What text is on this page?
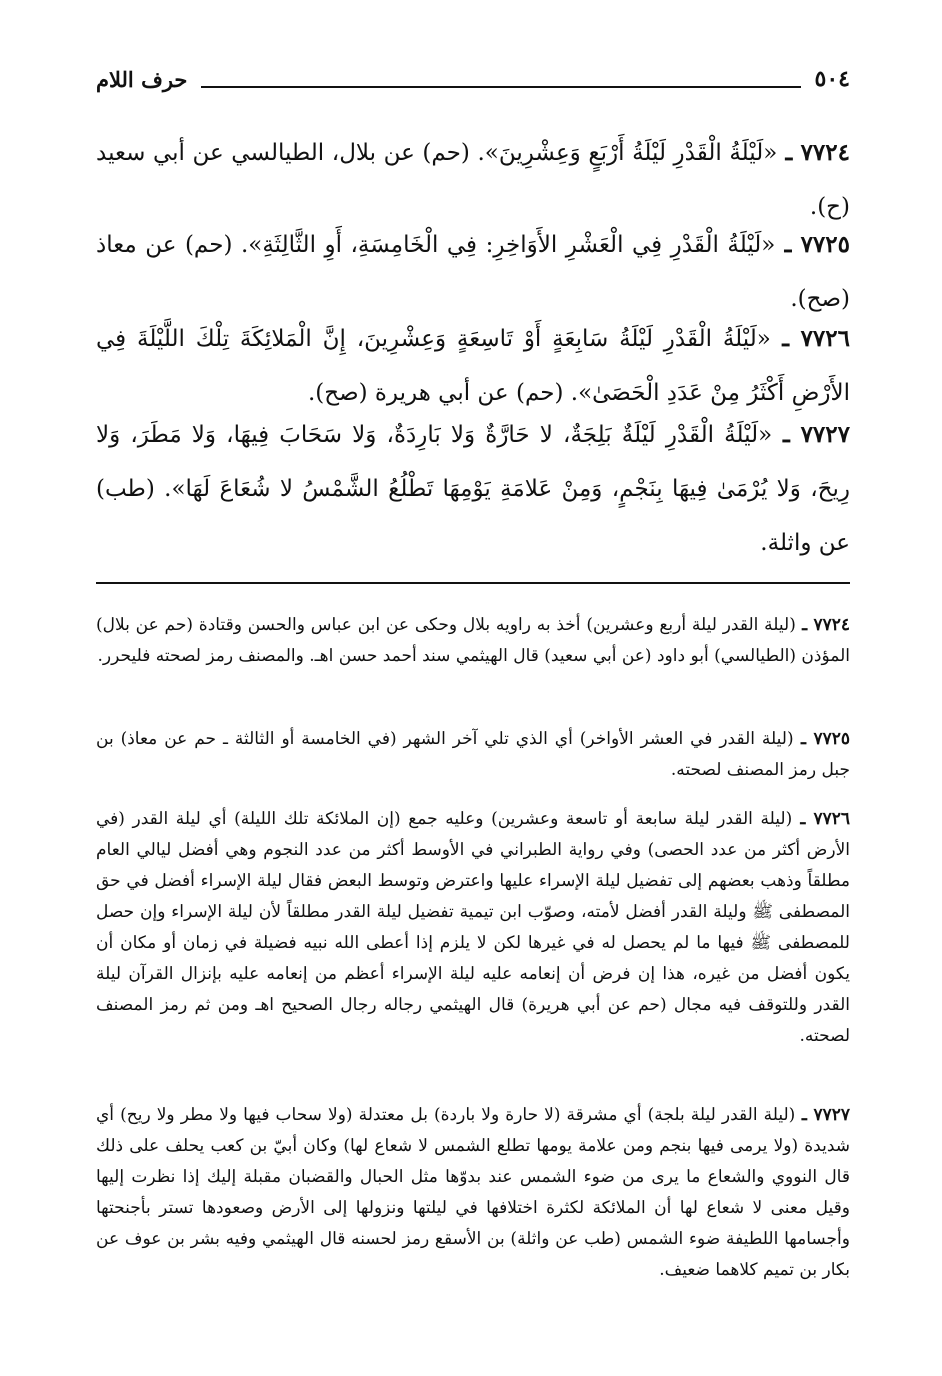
٥٠٤
حرف اللام
٧٧٢٤ ـ «لَيْلَةُ الْقَدْرِ لَيْلَةُ أَرْبَعٍ وَعِشْرِينَ». (حم) عن بلال، الطيالسي عن أبي سعيد (ح).
٧٧٢٥ ـ «لَيْلَةُ الْقَدْرِ فِي الْعَشْرِ الأَوَاخِرِ: فِي الْخَامِسَةِ، أَوِ الثَّالِثَةِ». (حم) عن معاذ (صح).
٧٧٢٦ ـ «لَيْلَةُ الْقَدْرِ لَيْلَةُ سَابِعَةٍ أَوْ تَاسِعَةٍ وَعِشْرِينَ، إِنَّ الْمَلائِكَةَ تِلْكَ اللَّيْلَةَ فِي الأَرْضِ أَكْثَرُ مِنْ عَدَدِ الْحَصَىٰ». (حم) عن أبي هريرة (صح).
٧٧٢٧ ـ «لَيْلَةُ الْقَدْرِ لَيْلَةٌ بَلِجَةٌ، لا حَارَّةٌ وَلا بَارِدَةٌ، وَلا سَحَابَ فِيهَا، وَلا مَطَرَ، وَلا رِيحَ، وَلا يُرْمَىٰ فِيهَا بِنَجْمٍ، وَمِنْ عَلامَةِ يَوْمِهَا تَطْلُعُ الشَّمْسُ لا شُعَاعَ لَهَا». (طب) عن واثلة.
٧٧٢٤ ـ (ليلة القدر ليلة أربع وعشرين) أخذ به راويه بلال وحكى عن ابن عباس والحسن وقتادة (حم عن بلال) المؤذن (الطيالسي) أبو داود (عن أبي سعيد) قال الهيثمي سند أحمد حسن اهـ. والمصنف رمز لصحته فليحرر.
٧٧٢٥ ـ (ليلة القدر في العشر الأواخر) أي الذي تلي آخر الشهر (في الخامسة أو الثالثة ـ حم عن معاذ) بن جبل رمز المصنف لصحته.
٧٧٢٦ ـ (ليلة القدر ليلة سابعة أو تاسعة وعشرين) وعليه جمع (إن الملائكة تلك الليلة) أي ليلة القدر (في الأرض أكثر من عدد الحصى) وفي رواية الطبراني في الأوسط أكثر من عدد النجوم وهي أفضل ليالي العام مطلقاً وذهب بعضهم إلى تفضيل ليلة الإسراء عليها واعترض وتوسط البعض فقال ليلة الإسراء أفضل في حق المصطفى ﷺ وليلة القدر أفضل لأمته، وصوّب ابن تيمية تفضيل ليلة القدر مطلقاً لأن ليلة الإسراء وإن حصل للمصطفى ﷺ فيها ما لم يحصل له في غيرها لكن لا يلزم إذا أعطى الله نبيه فضيلة في زمان أو مكان أن يكون أفضل من غيره، هذا إن فرض أن إنعامه عليه ليلة الإسراء أعظم من إنعامه عليه بإنزال القرآن ليلة القدر وللتوقف فيه مجال (حم عن أبي هريرة) قال الهيثمي رجاله رجال الصحيح اهـ ومن ثم رمز المصنف لصحته.
٧٧٢٧ ـ (ليلة القدر ليلة بلجة) أي مشرقة (لا حارة ولا باردة) بل معتدلة (ولا سحاب فيها ولا مطر ولا ريح) أي شديدة (ولا يرمى فيها بنجم ومن علامة يومها تطلع الشمس لا شعاع لها) وكان أبيّ بن كعب يحلف على ذلك قال النووي والشعاع ما يرى من ضوء الشمس عند بدوّها مثل الحبال والقضبان مقبلة إليك إذا نظرت إليها وقيل معنى لا شعاع لها أن الملائكة لكثرة اختلافها في ليلتها ونزولها إلى الأرض وصعودها تستر بأجنحتها وأجسامها اللطيفة ضوء الشمس (طب عن واثلة) بن الأسقع رمز لحسنه قال الهيثمي وفيه بشر بن عوف عن بكار بن تميم كلاهما ضعيف.
